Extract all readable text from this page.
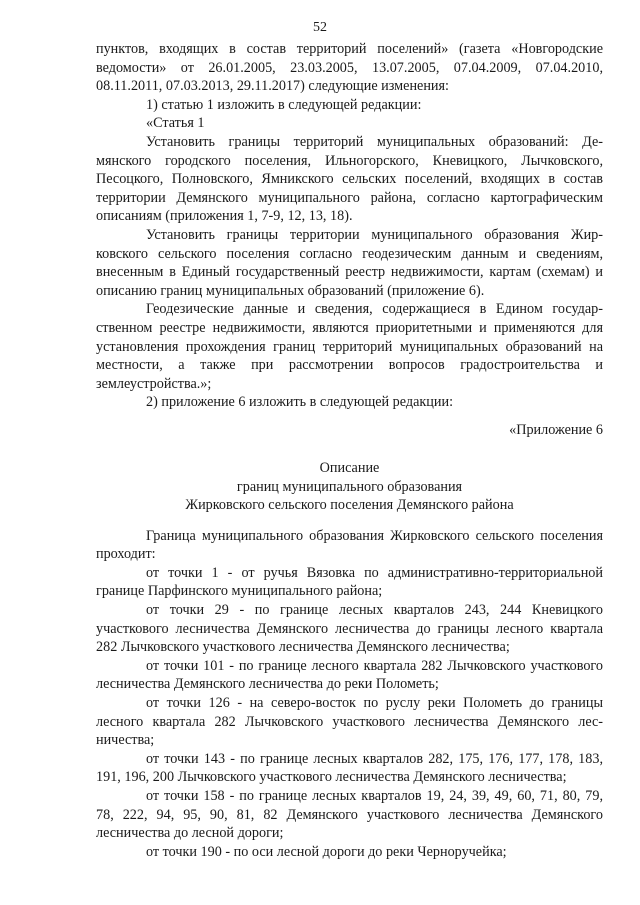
52

пунктов, входящих в состав территорий поселений» (газета «Новгородские ведомости» от 26.01.2005, 23.03.2005, 13.07.2005, 07.04.2009, 07.04.2010, 08.11.2011, 07.03.2013, 29.11.2017) следующие изменения:

1) статью 1 изложить в следующей редакции:

«Статья 1

Установить границы территорий муниципальных образований: Демянского городского поселения, Ильногорского, Кневицкого, Лычковского, Песоцкого, Полновского, Ямникского сельских поселений, входящих в состав территории Демянского муниципального района, согласно картографическим описаниям (приложения 1, 7-9, 12, 13, 18).

Установить границы территории муниципального образования Жирковского сельского поселения согласно геодезическим данным и сведениям, внесенным в Единый государственный реестр недвижимости, картам (схемам) и описанию границ муниципальных образований (приложение 6).

Геодезические данные и сведения, содержащиеся в Едином государственном реестре недвижимости, являются приоритетными и применяются для установления прохождения границ территорий муниципальных образований на местности, а также при рассмотрении вопросов градостроительства и землеустройства.»;

2) приложение 6 изложить в следующей редакции:

«Приложение 6

Описание
границ муниципального образования
Жирковского сельского поселения Демянского района

Граница муниципального образования Жирковского сельского поселения проходит:

от точки 1 - от ручья Вязовка по административно-территориальной границе Парфинского муниципального района;

от точки 29 - по границе лесных кварталов 243, 244 Кневицкого участкового лесничества Демянского лесничества до границы лесного квартала 282 Лычковского участкового лесничества Демянского лесничества;

от точки 101 - по границе лесного квартала 282 Лычковского участкового лесничества Демянского лесничества до реки Полометь;

от точки 126 - на северо-восток по руслу реки Полометь до границы лесного квартала 282 Лычковского участкового лесничества Демянского лесничества;

от точки 143 - по границе лесных кварталов 282, 175, 176, 177, 178, 183, 191, 196, 200 Лычковского участкового лесничества Демянского лесничества;

от точки 158 - по границе лесных кварталов 19, 24, 39, 49, 60, 71, 80, 79, 78, 222, 94, 95, 90, 81, 82 Демянского участкового лесничества Демянского лесничества до лесной дороги;

от точки 190 - по оси лесной дороги до реки Черноручейка;
